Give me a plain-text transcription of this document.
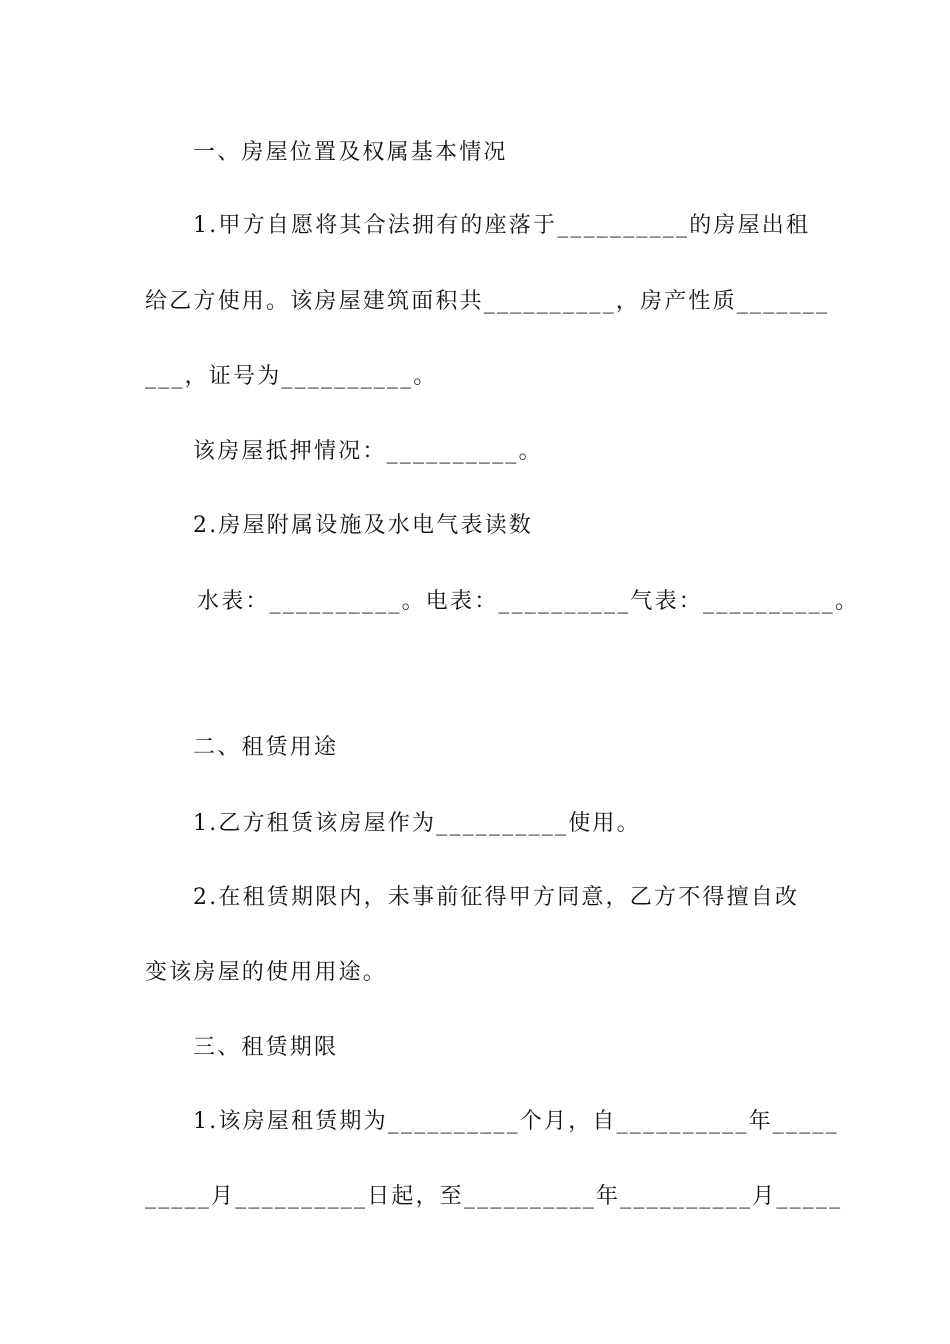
一、房屋位置及权属基本情况
1.甲方自愿将其合法拥有的座落于__________的房屋出租
给乙方使用。该房屋建筑面积共__________，房产性质_______
___，证号为__________。
该房屋抵押情况：__________。
2.房屋附属设施及水电气表读数
水表：__________。电表：__________气表：__________。
二、租赁用途
1.乙方租赁该房屋作为__________使用。
2.在租赁期限内，未事前征得甲方同意，乙方不得擅自改
变该房屋的使用用途。
三、租赁期限
1.该房屋租赁期为__________个月，自__________年_____
_____月__________日起，至__________年__________月_____
